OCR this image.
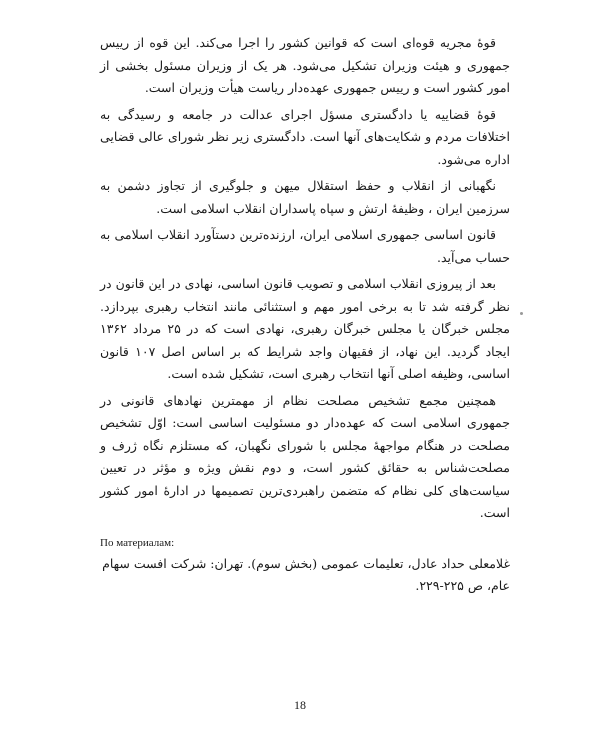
قوهٔ مجریه قوه‌ای است که قوانین کشور را اجرا می‌کند. این قوه از رییس جمهوری و هیئت وزیران تشکیل می‌شود. هر یک از وزیران مسئول بخشی از امور کشور است و رییس جمهوری عهده‌دار ریاست هیأت وزیران است.

قوهٔ قضاییه یا دادگستری مسؤل اجرای عدالت در جامعه و رسیدگی به اختلافات مردم و شکایت‌های آنها است. دادگستری زیر نظر شورای عالی قضایی اداره می‌شود.

نگهبانی از انقلاب و حفظ استقلال میهن و جلوگیری از تجاوز دشمن به سرزمین ایران ، وظیفهٔ ارتش و سپاه پاسداران انقلاب اسلامی است.

قانون اساسی جمهوری اسلامی ایران، ارزنده‌ترین دستآورد انقلاب اسلامی به حساب می‌آید.

بعد از پیروزی انقلاب اسلامی و تصویب قانون اساسی، نهادی در این قانون در نظر گرفته شد تا به برخی امور مهم و استثنائی مانند انتخاب رهبری بپردازد. مجلس خبرگان یا مجلس خبرگان رهبری، نهادی است که در ۲۵ مرداد ۱۳۶۲ ایجاد گردید. این نهاد، از فقیهان واجد شرایط که بر اساس اصل ۱۰۷ قانون اساسی، وظیفه اصلی آنها انتخاب رهبری است، تشکیل شده است.

همچنین مجمع تشخیص مصلحت نظام از مهمترین نهادهای قانونی در جمهوری اسلامی است که عهده‌دار دو مسئولیت اساسی است: اوّل تشخیص مصلحت در هنگام مواجههٔ مجلس با شورای نگهبان، که مستلزم نگاه ژرف و مصلحت‌شناس به حقائق کشور است، و دوم نقش ویژه و مؤثر در تعیین سیاست‌های کلی نظام که متضمن راهبردی‌ترین تصمیمها در ادارهٔ امور کشور است.

По материалам:

غلامعلی حداد عادل، تعلیمات عمومی (بخش سوم). تهران: شرکت افست سهام عام، ص ۲۲۵-۲۲۹.

18
